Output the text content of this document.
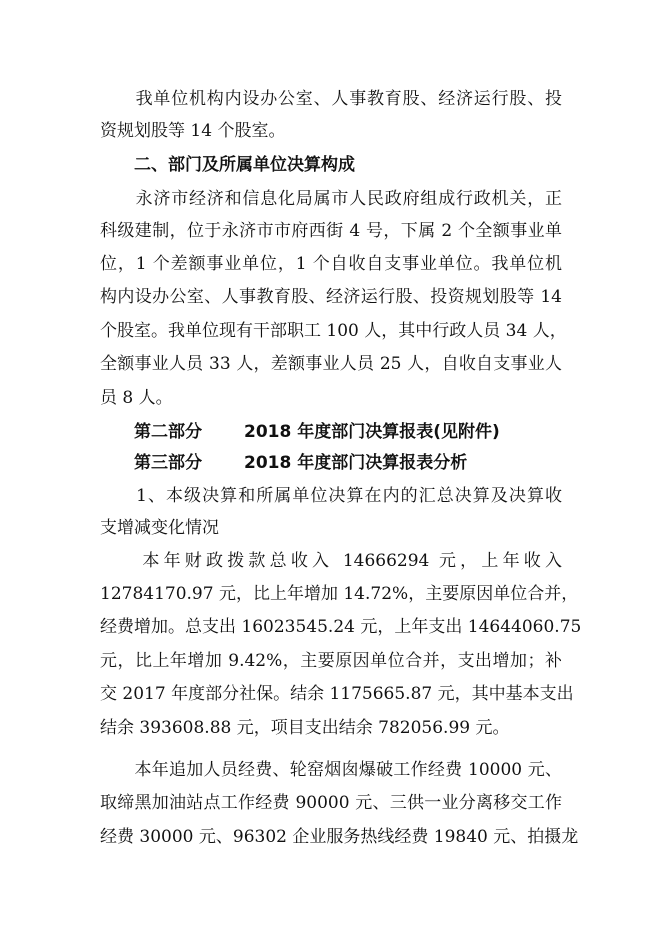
　　我单位机构内设办公室、人事教育股、经济运行股、投
资规划股等 14 个股室。
　　二、部门及所属单位决算构成
　　永济市经济和信息化局属市人民政府组成行政机关，正
科级建制，位于永济市市府西街 4 号，下属 2 个全额事业单
位，1 个差额事业单位，1 个自收自支事业单位。我单位机
构内设办公室、人事教育股、经济运行股、投资规划股等 14
个股室。我单位现有干部职工 100 人，其中行政人员 34 人，
全额事业人员 33 人，差额事业人员 25 人，自收自支事业人
员 8 人。
第二部分 2018 年度部门决算报表(见附件)
第三部分 2018 年度部门决算报表分析
　　1、本级决算和所属单位决算在内的汇总决算及决算收
支增减变化情况
　　本年财政拨款总收入 14666294 元，上年收入
12784170.97 元，比上年增加 14.72%，主要原因单位合并，
经费增加。总支出 16023545.24 元，上年支出 14644060.75
元，比上年增加 9.42%，主要原因单位合并，支出增加；补
交 2017 年度部分社保。结余 1175665.87 元，其中基本支出
结余 393608.88 元，项目支出结余 782056.99 元。
　　本年追加人员经费、轮窑烟囱爆破工作经费 10000 元、
取缔黑加油站点工作经费 90000 元、三供一业分离移交工作
经费 30000 元、96302 企业服务热线经费 19840 元、拍摄龙
